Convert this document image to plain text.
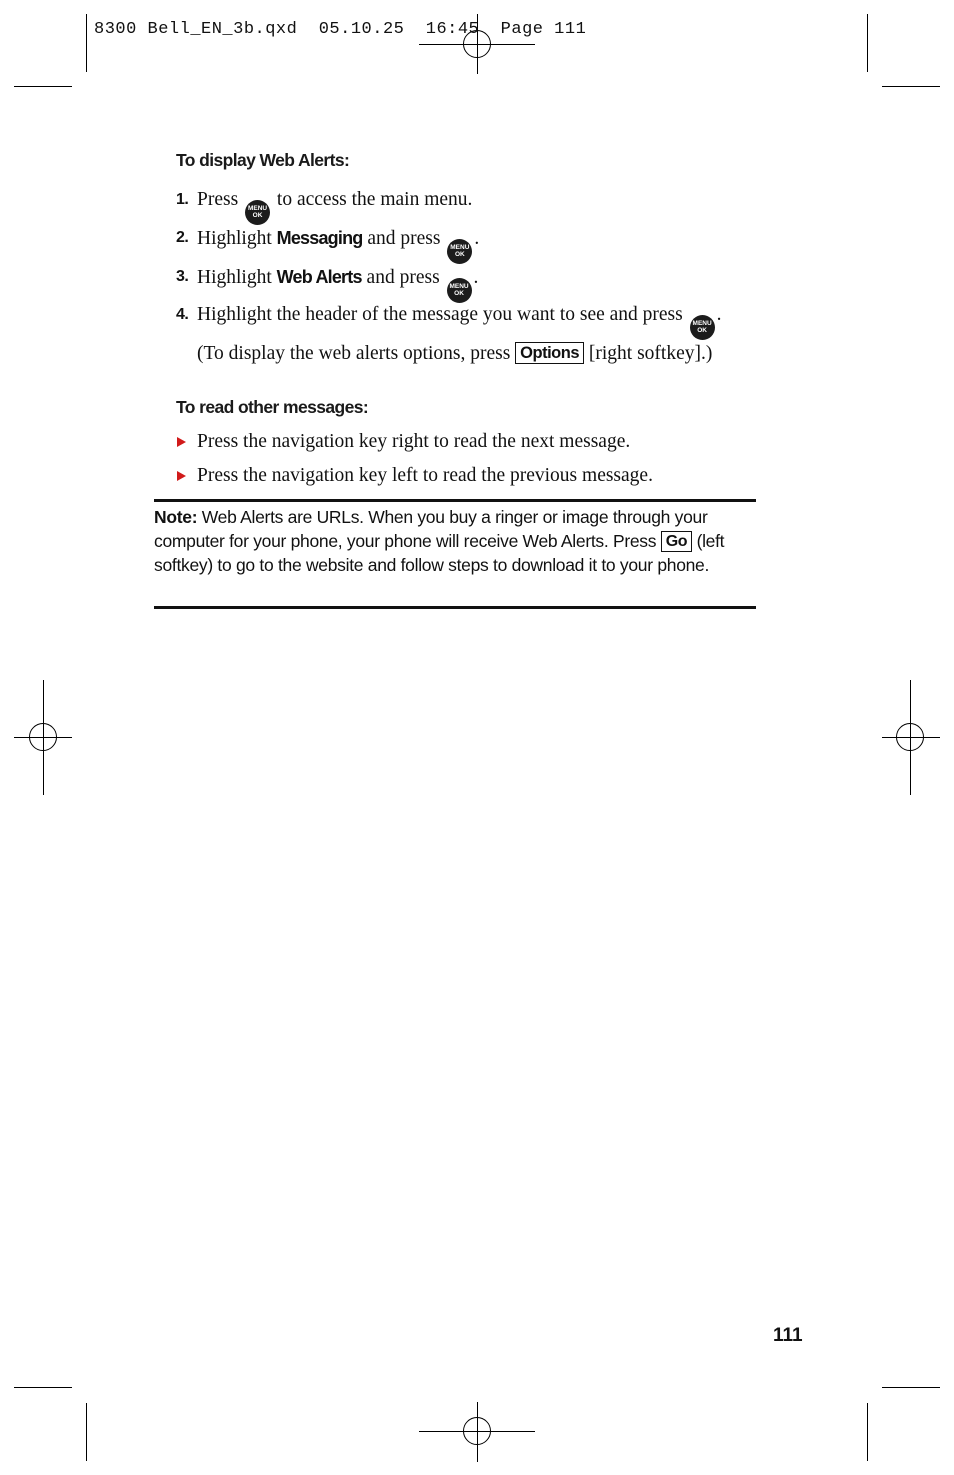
8300 Bell_EN_3b.qxd  05.10.25  16:45  Page 111
To display Web Alerts:
1. Press MENU
OK
to access the main menu.
2. Highlight Messaging and press MENU
OK
.
3. Highlight Web Alerts and press MENU
OK
.
4. Highlight the header of the message you want to see and press MENU
OK
. (To display the web alerts options, press Options [right softkey].)
To read other messages:
Press the navigation key right to read the next message.
Press the navigation key left to read the previous message.
Note: Web Alerts are URLs. When you buy a ringer or image through your computer for your phone, your phone will receive Web Alerts. Press Go (left softkey) to go to the website and follow steps to download it to your phone.
111
